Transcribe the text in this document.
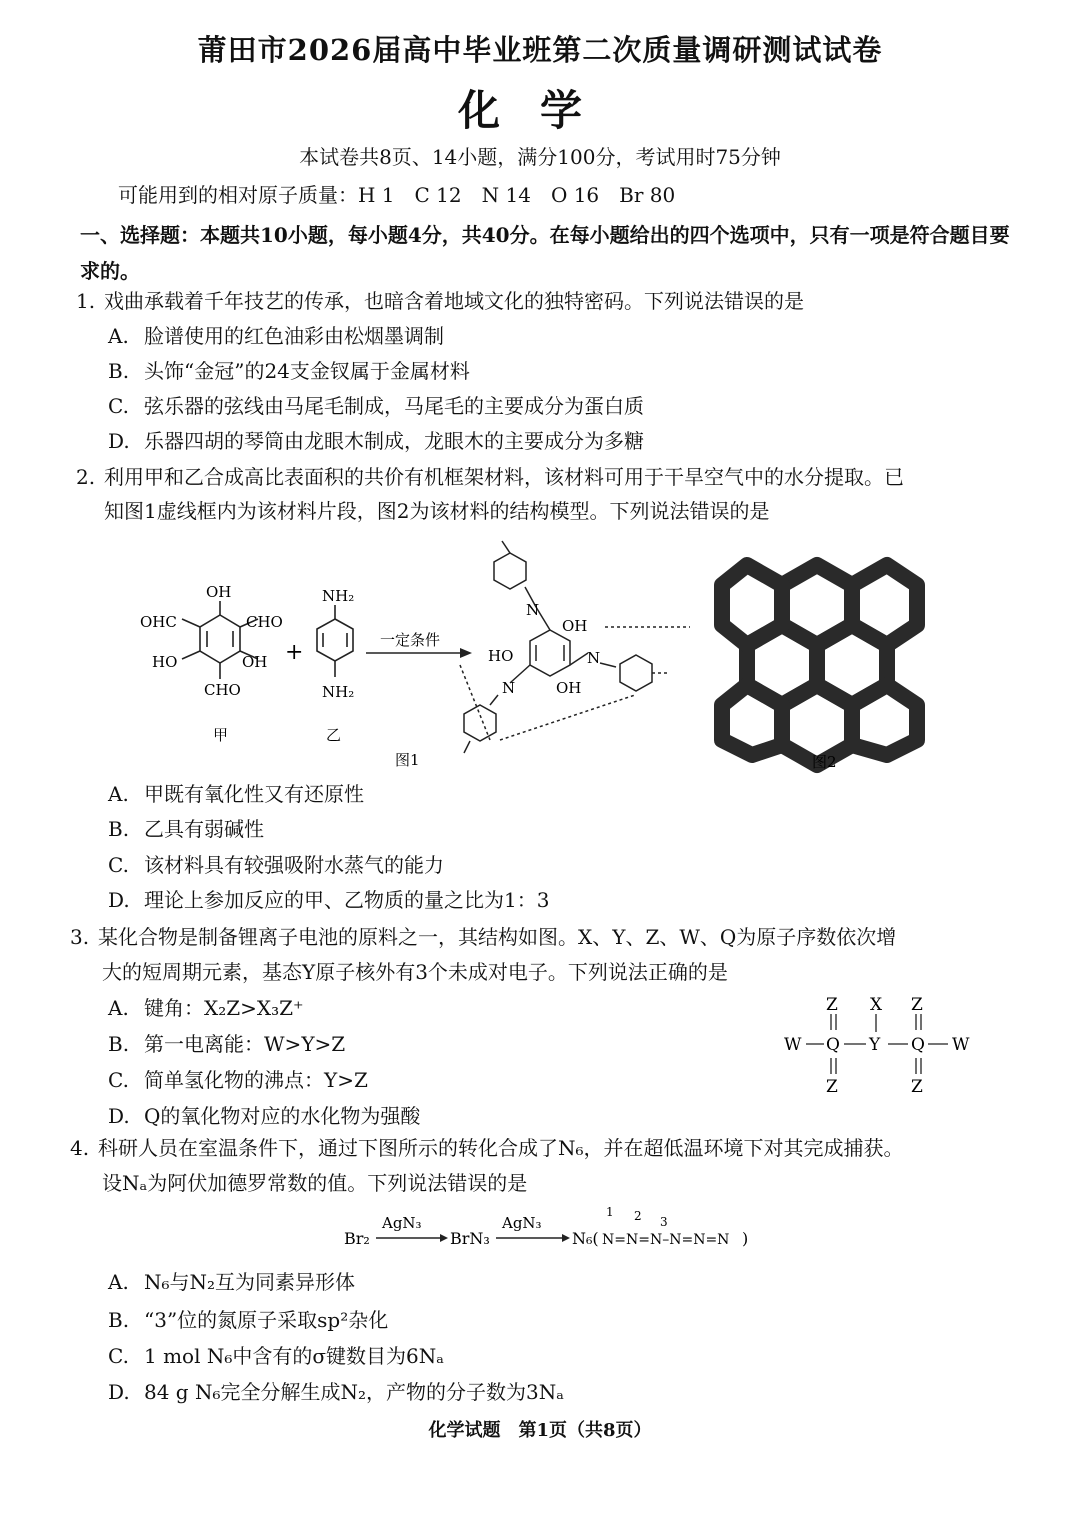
莆田市2026届高中毕业班第二次质量调研测试试卷
化学
本试卷共8页、14小题，满分100分，考试用时75分钟
可能用到的相对原子质量：H 1　C 12　N 14　O 16　Br 80
一、选择题：本题共10小题，每小题4分，共40分。在每小题给出的四个选项中，只有一项是符合题目要求的。
1. 戏曲承载着千年技艺的传承，也暗含着地域文化的独特密码。下列说法错误的是
A. 脸谱使用的红色油彩由松烟墨调制
B. 头饰“金冠”的24支金钗属于金属材料
C. 弦乐器的弦线由马尾毛制成，马尾毛的主要成分为蛋白质
D. 乐器四胡的琴筒由龙眼木制成，龙眼木的主要成分为多糖
2. 利用甲和乙合成高比表面积的共价有机框架材料，该材料可用于干旱空气中的水分提取。已
知图1虚线框内为该材料片段，图2为该材料的结构模型。下列说法错误的是
OH
OHC	CHO
HO	OH
CHO
甲
+
NH₂
NH₂
乙
一定条件
OH
HO
OH
N
N
N
图1	图2
A. 甲既有氧化性又有还原性
B. 乙具有弱碱性
C. 该材料具有较强吸附水蒸气的能力
D. 理论上参加反应的甲、乙物质的量之比为1：3
3. 某化合物是制备锂离子电池的原料之一，其结构如图。X、Y、Z、W、Q为原子序数依次增
大的短周期元素，基态Y原子核外有3个未成对电子。下列说法正确的是
A. 键角：X₂Z>X₃Z⁺
B. 第一电离能：W>Y>Z
C. 简单氢化物的沸点：Y>Z
D. Q的氧化物对应的水化物为强酸
Z X Z
W Q Y Q W
Z	Z
4. 科研人员在室温条件下，通过下图所示的转化合成了N₆，并在超低温环境下对其完成捕获。
设Nₐ为阿伏加德罗常数的值。下列说法错误的是
Br₂
AgN₃
BrN₃
AgN₃
N₆(
1 2 3
N=N=N–N=N=N )
A. N₆与N₂互为同素异形体
B. “3”位的氮原子采取sp²杂化
C. 1 mol N₆中含有的σ键数目为6Nₐ
D. 84 g N₆完全分解生成N₂，产物的分子数为3Nₐ
化学试题　第1页（共8页）
